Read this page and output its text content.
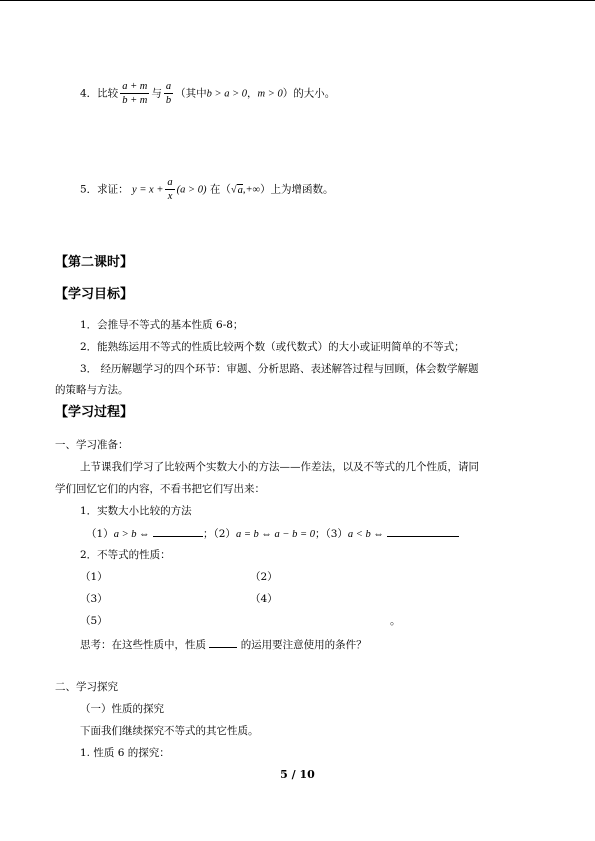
4．比较 $\frac{a + m}{b + m}$ 与 $\frac{a}{b}$ （其中b > a > 0，m > 0）的大小。
5．求证： $y = x + \frac{a}{x} (a > 0)$ 在（√a,+∞）上为增函数。
【第二课时】
【学习目标】
1．会推导不等式的基本性质 6-8；
2．能熟练运用不等式的性质比较两个数（或代数式）的大小或证明简单的不等式；
3． 经历解题学习的四个环节：审题、分析思路、表述解答过程与回顾，体会数学解题
的策略与方法。
【学习过程】
一、学习准备：
上节课我们学习了比较两个实数大小的方法——作差法，以及不等式的几个性质，请同
学们回忆它们的内容，不看书把它们写出来：
1．实数大小比较的方法
（1）a > b ⇔	；（2）a = b ⇔ a − b = 0；（3）a < b ⇔
2．不等式的性质：
（1）	（2）
（3）	（4）
（5）	。
思考：在这些性质中，性质	的运用要注意使用的条件？
二、学习探究
（一）性质的探究
下面我们继续探究不等式的其它性质。
1. 性质 6 的探究：
5 / 10
